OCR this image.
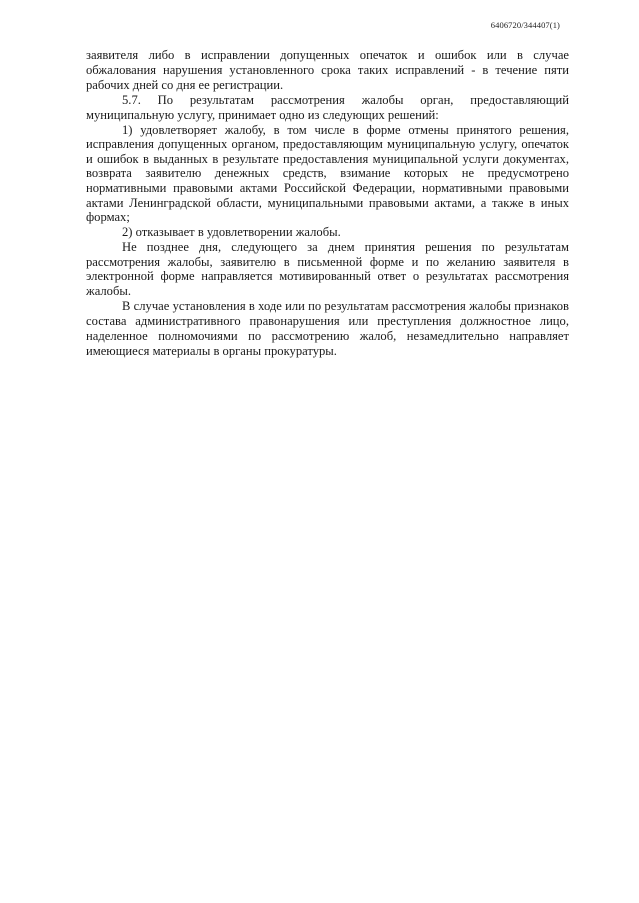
6406720/344407(1)

заявителя либо в исправлении допущенных опечаток и ошибок или в случае обжалования нарушения установленного срока таких исправлений - в течение пяти рабочих дней со дня ее регистрации.

5.7. По результатам рассмотрения жалобы орган, предоставляющий муниципальную услугу, принимает одно из следующих решений:

1) удовлетворяет жалобу, в том числе в форме отмены принятого решения, исправления допущенных органом, предоставляющим муниципальную услугу, опечаток и ошибок в выданных в результате предоставления муниципальной услуги документах, возврата заявителю денежных средств, взимание которых не предусмотрено нормативными правовыми актами Российской Федерации, нормативными правовыми актами Ленинградской области, муниципальными правовыми актами, а также в иных формах;

2) отказывает в удовлетворении жалобы.

Не позднее дня, следующего за днем принятия решения по результатам рассмотрения жалобы, заявителю в письменной форме и по желанию заявителя в электронной форме направляется мотивированный ответ о результатах рассмотрения жалобы.

В случае установления в ходе или по результатам рассмотрения жалобы признаков состава административного правонарушения или преступления должностное лицо, наделенное полномочиями по рассмотрению жалоб, незамедлительно направляет имеющиеся материалы в органы прокуратуры.
